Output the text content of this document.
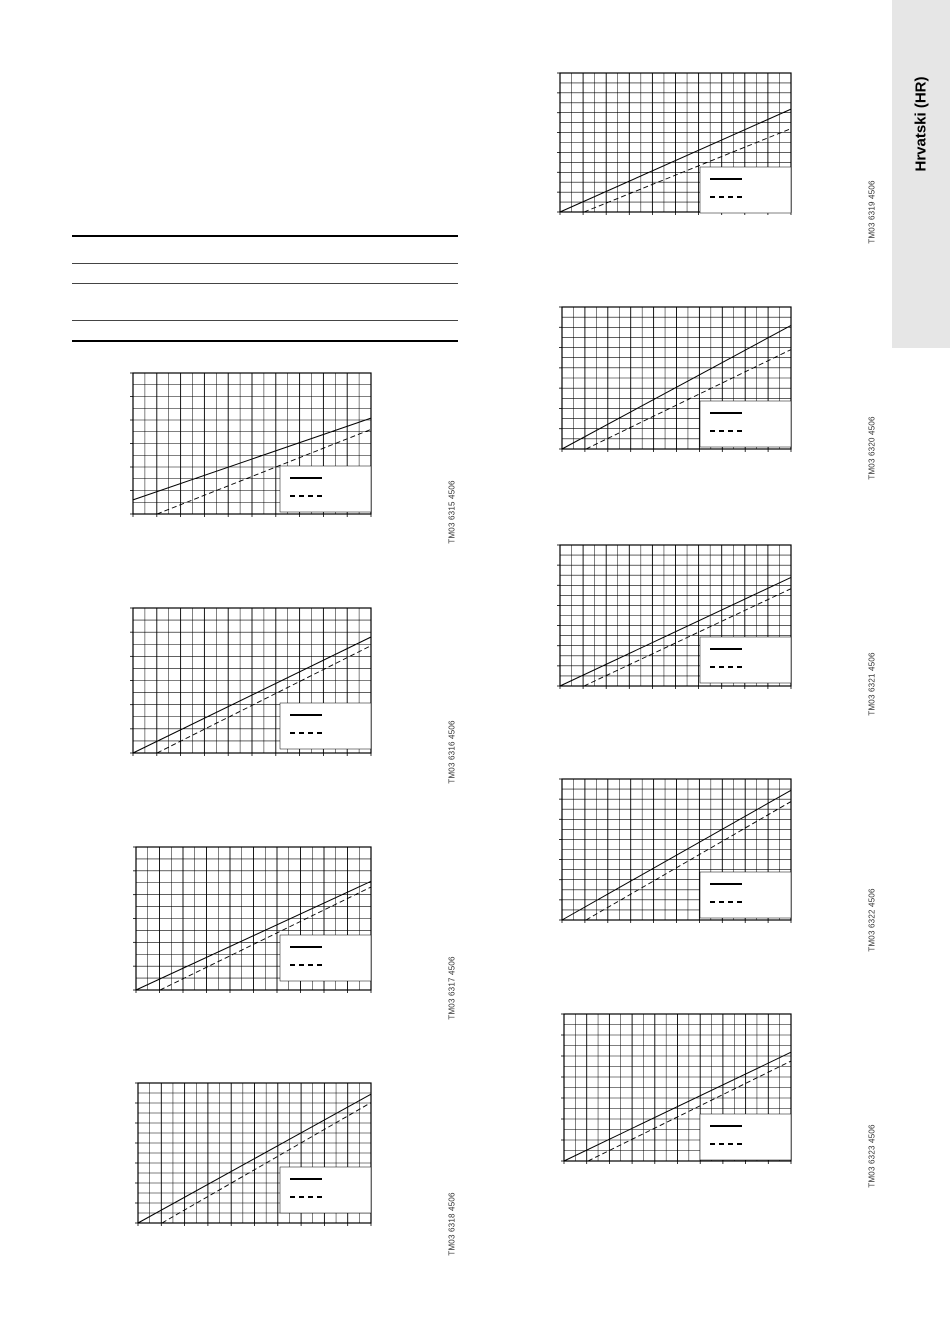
Hrvatski (HR)
TM03 6315 4506
TM03 6316 4506
TM03 6317 4506
TM03 6318 4506
TM03 6319 4506
TM03 6320 4506
TM03 6321 4506
TM03 6322 4506
TM03 6323 4506
